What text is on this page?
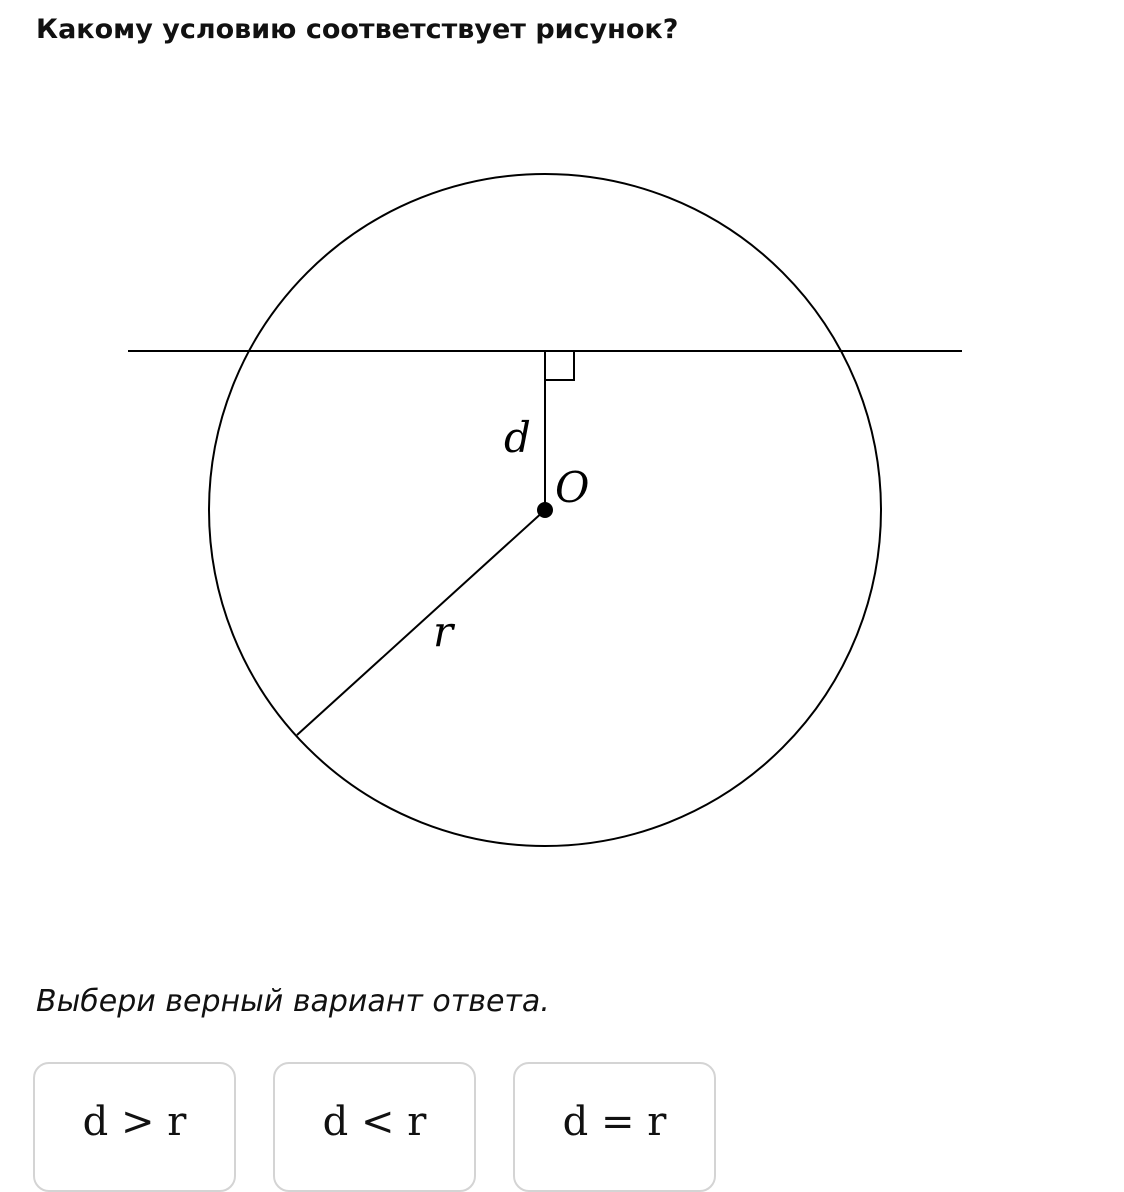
Какому условию соответствует рисунок?
d
O
r
Выбери верный вариант ответа.
d > r	d < r	d = r
